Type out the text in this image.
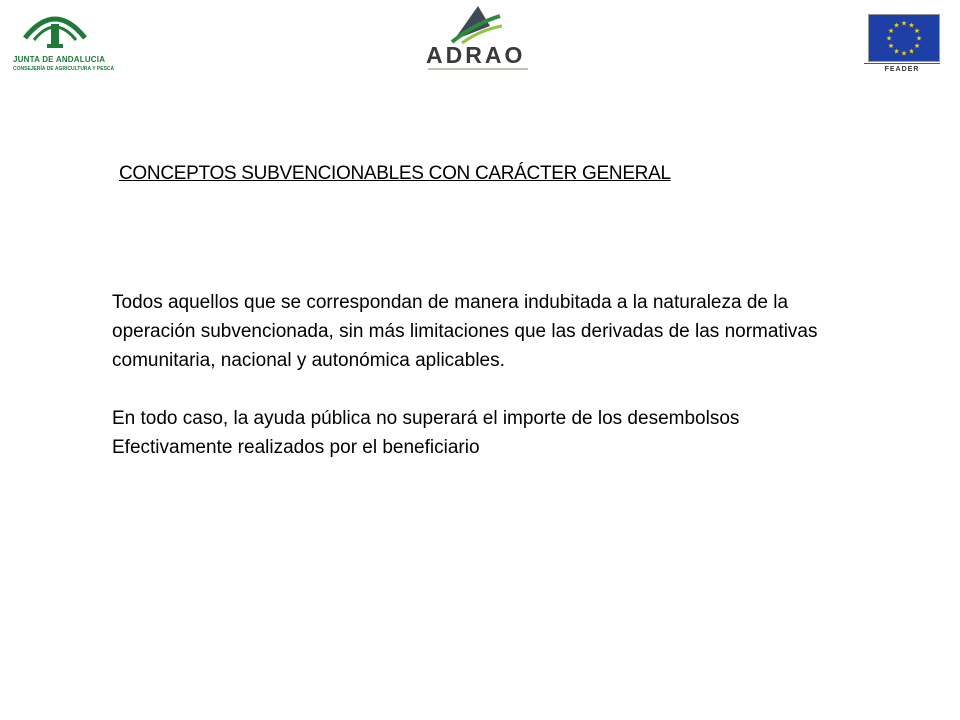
JUNTA DE ANDALUCIA
CONSEJERÍA DE AGRICULTURA Y PESCA
ADRAO
★
★
★
★
★
★
★
★
★ ★ ★
★
FEADER
CONCEPTOS SUBVENCIONABLES CON CARÁCTER GENERAL

Todos aquellos que se correspondan de manera indubitada a la naturaleza de la operación subvencionada, sin más limitaciones que las derivadas de las normativas comunitaria, nacional y autonómica aplicables.

En todo caso, la ayuda pública no superará el importe de los desembolsos Efectivamente realizados por el beneficiario
